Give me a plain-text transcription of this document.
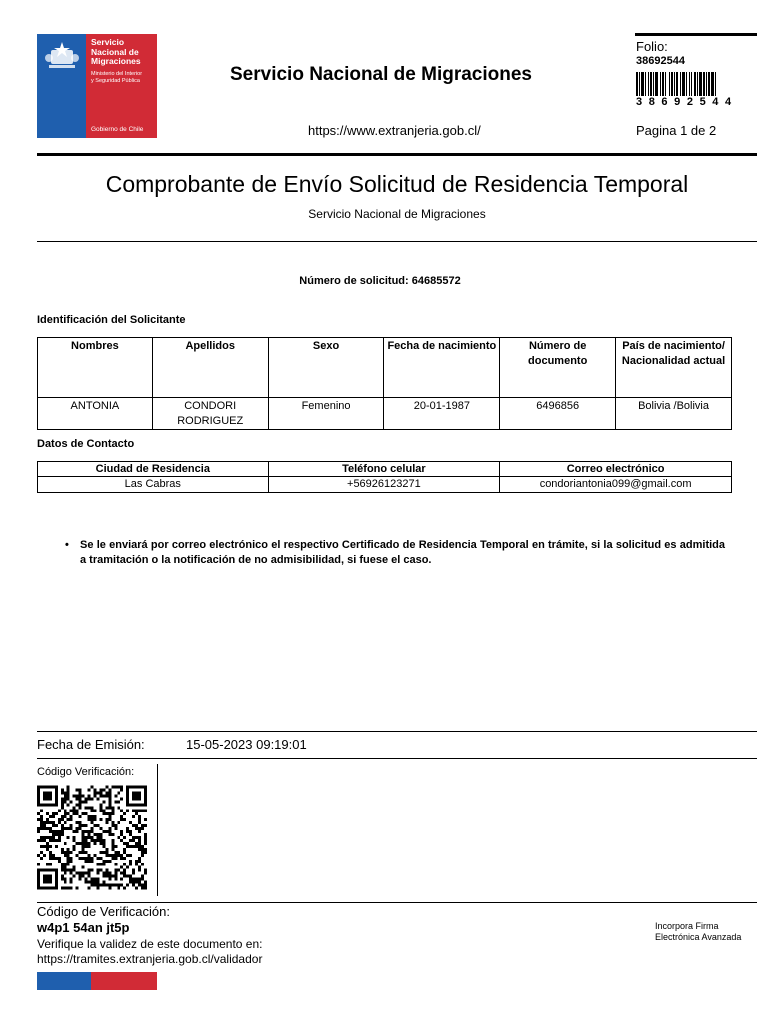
Servicio
Nacional de
Migraciones
Ministerio del Interior
y Seguridad Pública
Gobierno de Chile
Servicio Nacional de Migraciones
https://www.extranjeria.gob.cl/
Folio:
38692544
38692544
Pagina 1 de 2
Comprobante de Envío Solicitud de Residencia Temporal
Servicio Nacional de Migraciones
Número de solicitud: 64685572
Identificación del Solicitante
Nombres	Apellidos	Sexo	Fecha de nacimiento	Número de documento	País de nacimiento/ Nacionalidad actual
ANTONIA	CONDORI RODRIGUEZ	Femenino	20-01-1987	6496856	Bolivia /Bolivia
Datos de Contacto
Ciudad de Residencia	Teléfono celular	Correo electrónico
Las Cabras	+56926123271	condoriantonia099@gmail.com
•	Se le enviará por correo electrónico el respectivo Certificado de Residencia Temporal en trámite, si la solicitud es admitida a tramitación o la notificación de no admisibilidad, si fuese el caso.
Fecha de Emisión:	15-05-2023 09:19:01
Código Verificación:
Código de Verificación:
w4p1 54an jt5p
Verifique la validez de este documento en:
https://tramites.extranjeria.gob.cl/validador
Incorpora Firma
Electrónica Avanzada
